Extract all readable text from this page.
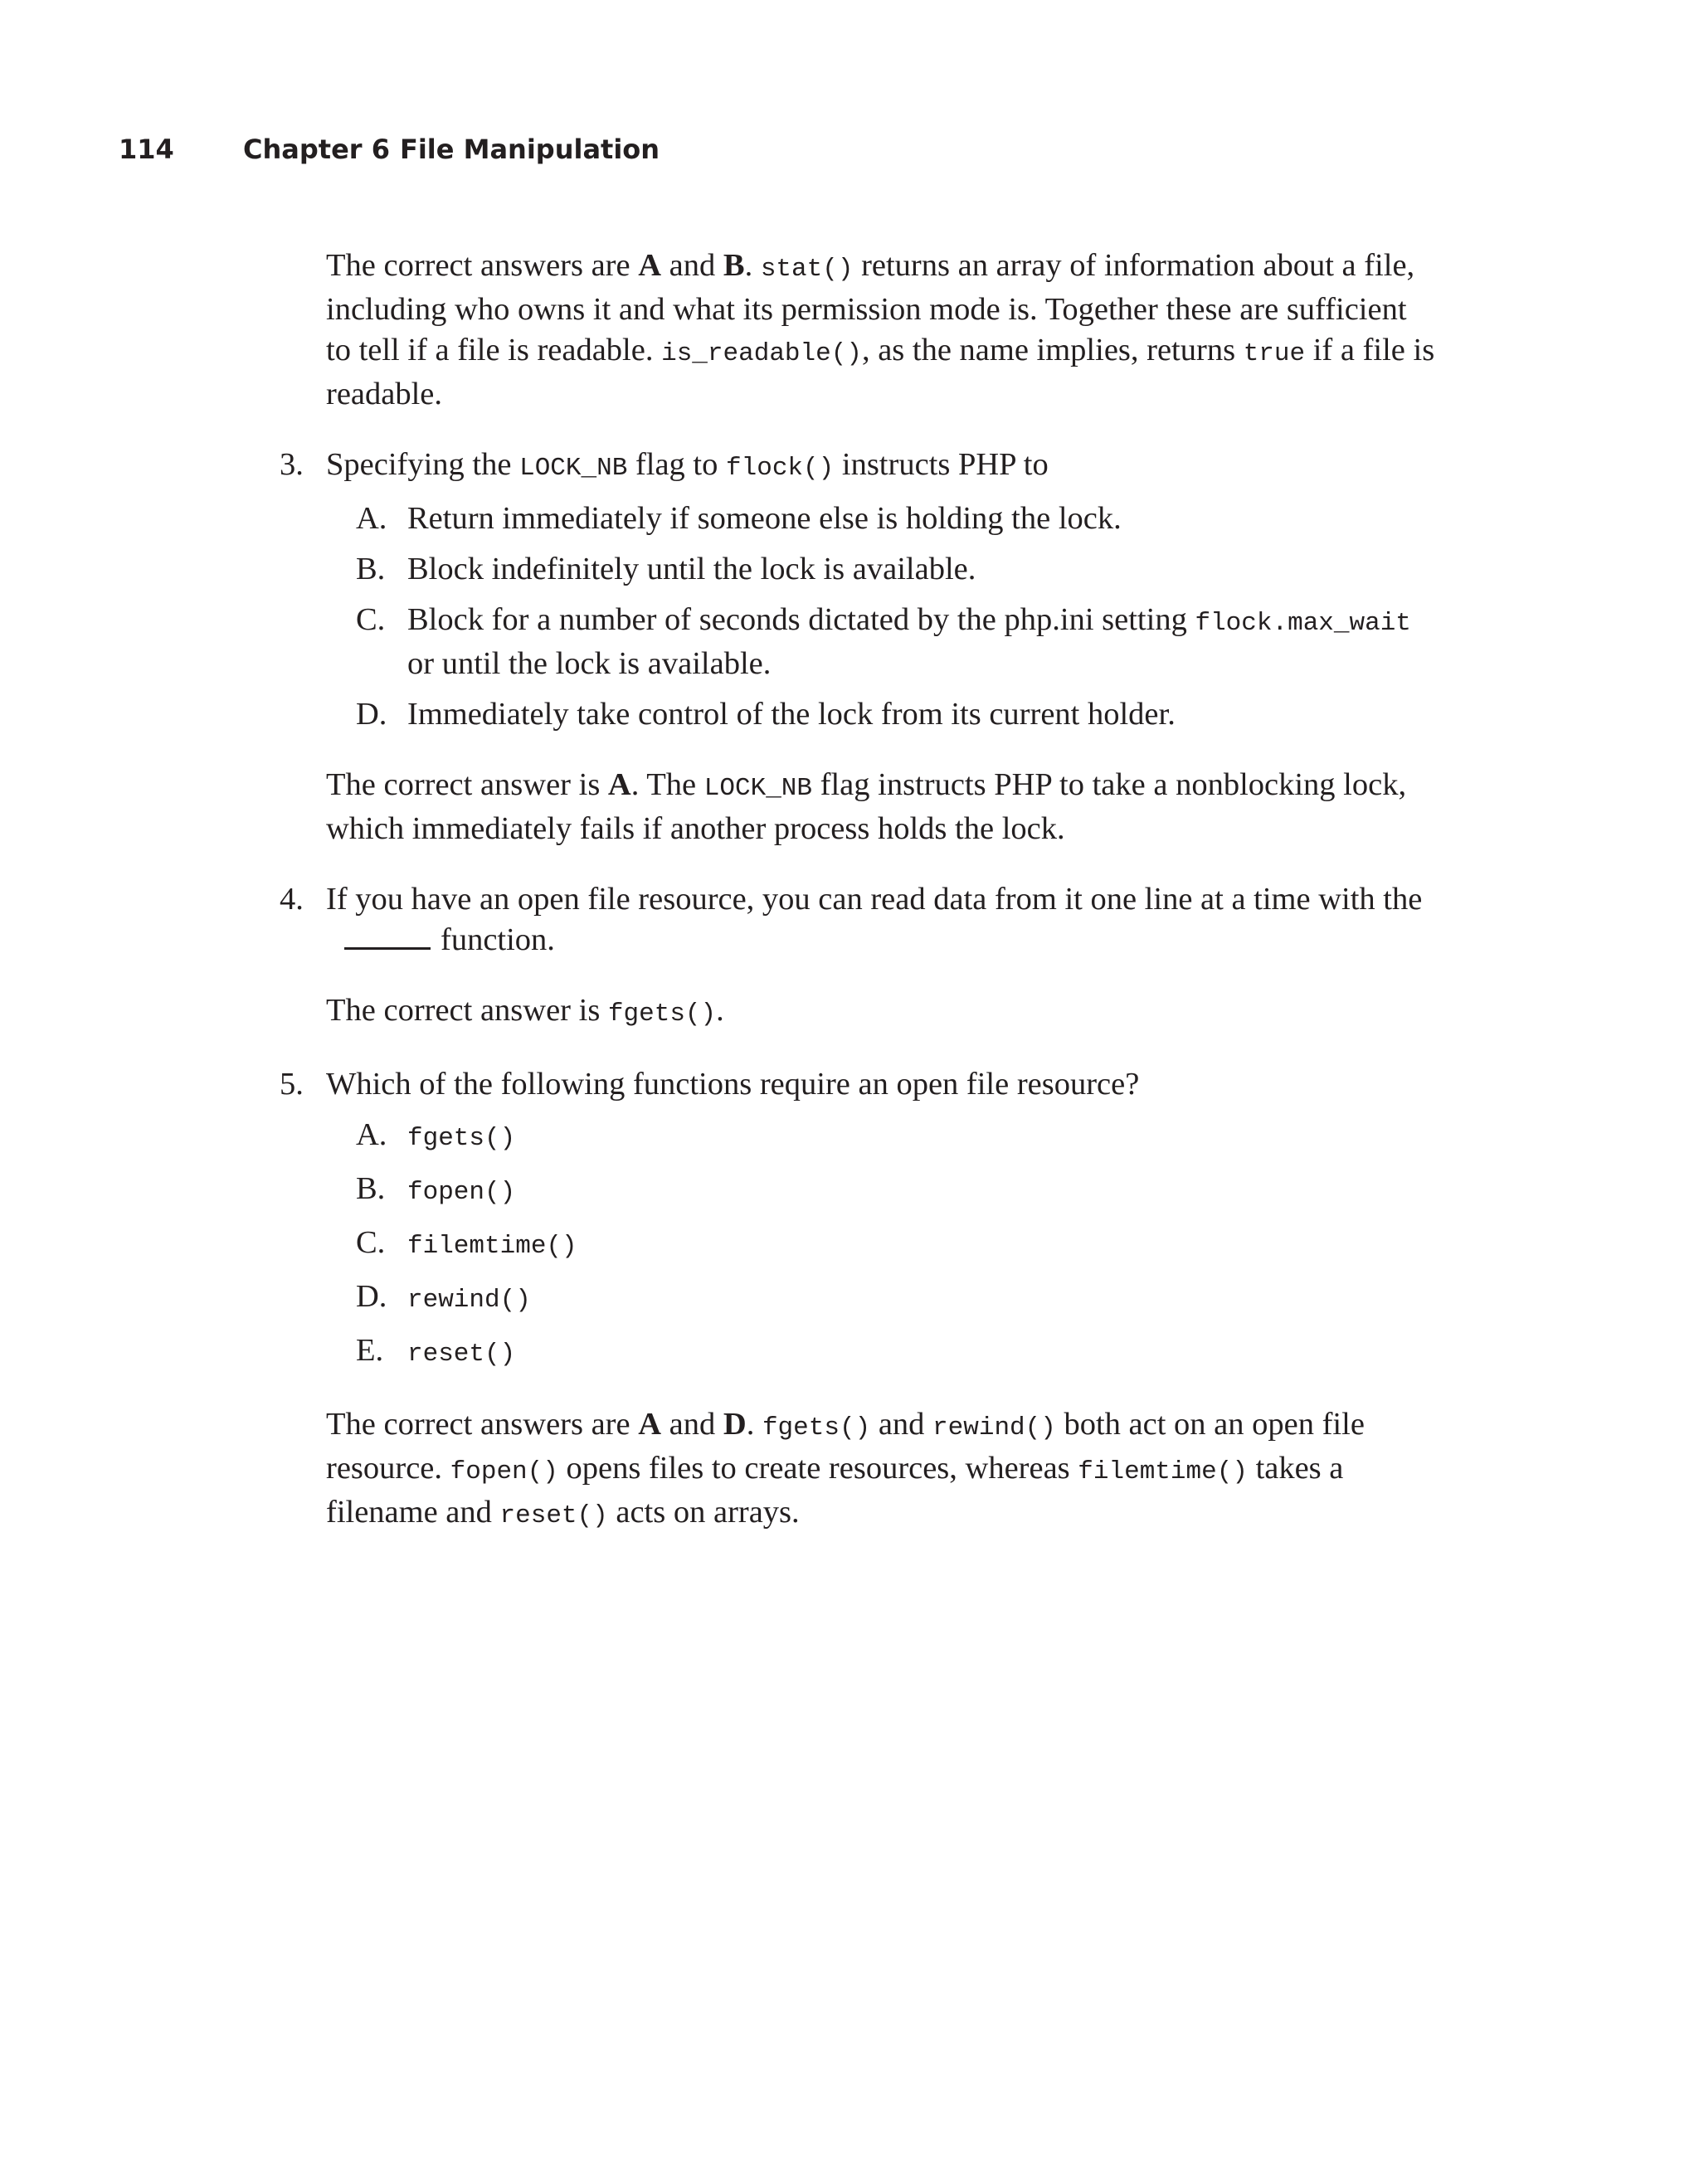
114	Chapter 6 File Manipulation

The correct answers are A and B. stat() returns an array of information about a file, including who owns it and what its permission mode is. Together these are sufficient to tell if a file is readable. is_readable(), as the name implies, returns true if a file is readable.

3. Specifying the LOCK_NB flag to flock() instructs PHP to
A. Return immediately if someone else is holding the lock.
B. Block indefinitely until the lock is available.
C. Block for a number of seconds dictated by the php.ini setting flock.max_wait or until the lock is available.
D. Immediately take control of the lock from its current holder.

The correct answer is A. The LOCK_NB flag instructs PHP to take a nonblocking lock, which immediately fails if another process holds the lock.

4. If you have an open file resource, you can read data from it one line at a time with thefunction.

The correct answer is fgets().

5. Which of the following functions require an open file resource?
A. fgets()
B. fopen()
C. filemtime()
D. rewind()
E. reset()

The correct answers are A and D. fgets() and rewind() both act on an open file resource. fopen() opens files to create resources, whereas filemtime() takes a filename and reset() acts on arrays.
